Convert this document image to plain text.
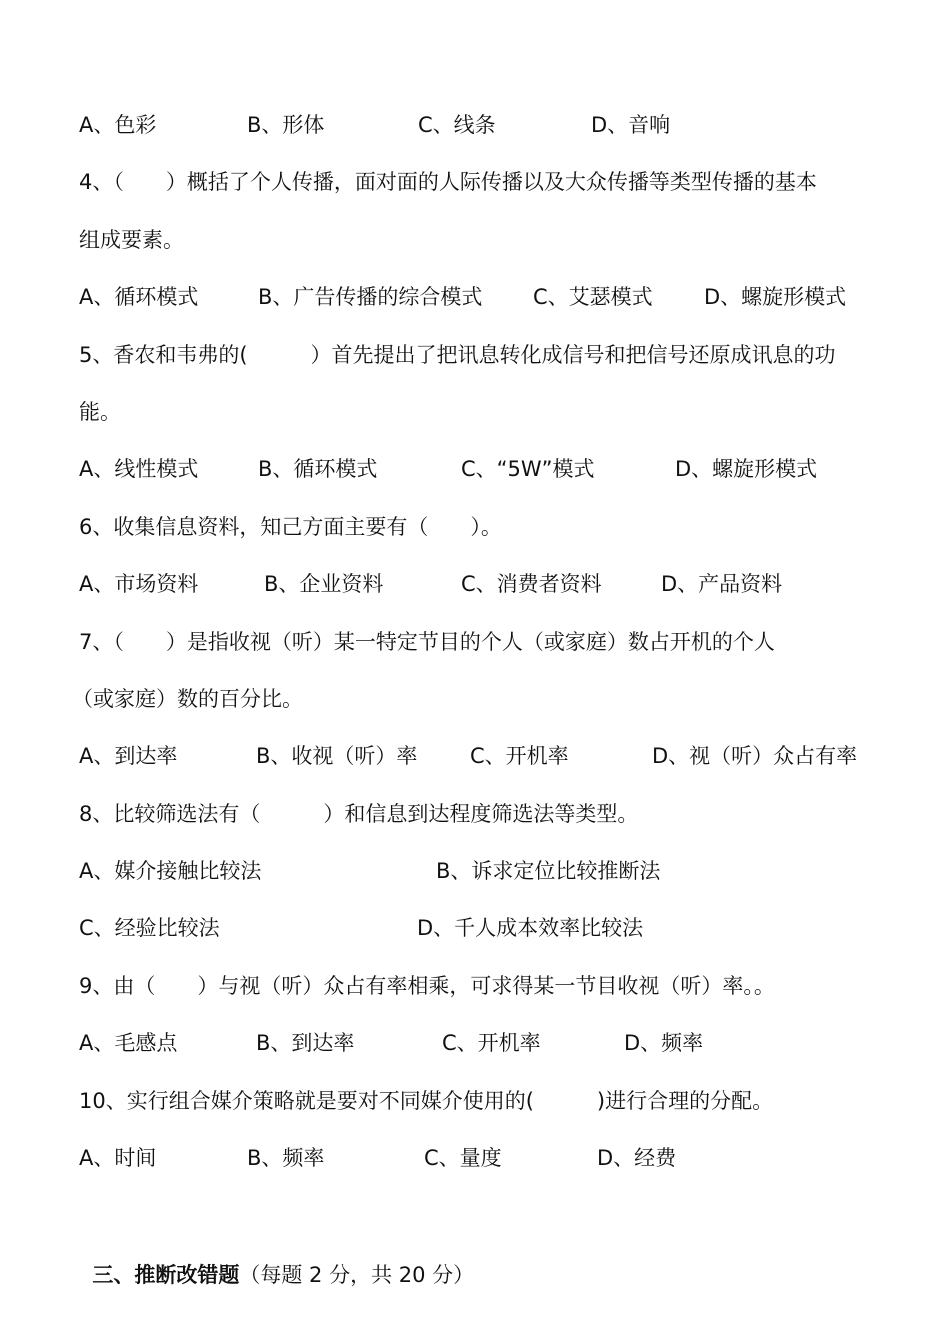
A、色彩	B、形体	C、线条	D、音响
4、（　　）概括了个人传播，面对面的人际传播以及大众传播等类型传播的基本
组成要素。
A、循环模式	B、广告传播的综合模式 C、艾瑟模式 D、螺旋形模式
5、香农和韦弗的(　　　）首先提出了把讯息转化成信号和把信号还原成讯息的功
能。
A、线性模式	B、循环模式	C、“5W”模式	D、螺旋形模式
6、收集信息资料，知己方面主要有（　　）。
A、市场资料	B、企业资料	C、消费者资料	D、产品资料
7、（　　）是指收视（听）某一特定节目的个人（或家庭）数占开机的个人
（或家庭）数的百分比。
A、到达率	B、收视（听）率	C、开机率	D、视（听）众占有率
8、比较筛选法有（　　　）和信息到达程度筛选法等类型。
A、媒介接触比较法	B、诉求定位比较推断法
C、经验比较法	D、千人成本效率比较法
9、由（　　）与视（听）众占有率相乘，可求得某一节目收视（听）率。。
A、毛感点	B、到达率	C、开机率	D、频率
10、实行组合媒介策略就是要对不同媒介使用的(　　　)进行合理的分配。
A、时间	B、频率	C、量度	D、经费

三、推断改错题（每题 2 分，共 20 分）
